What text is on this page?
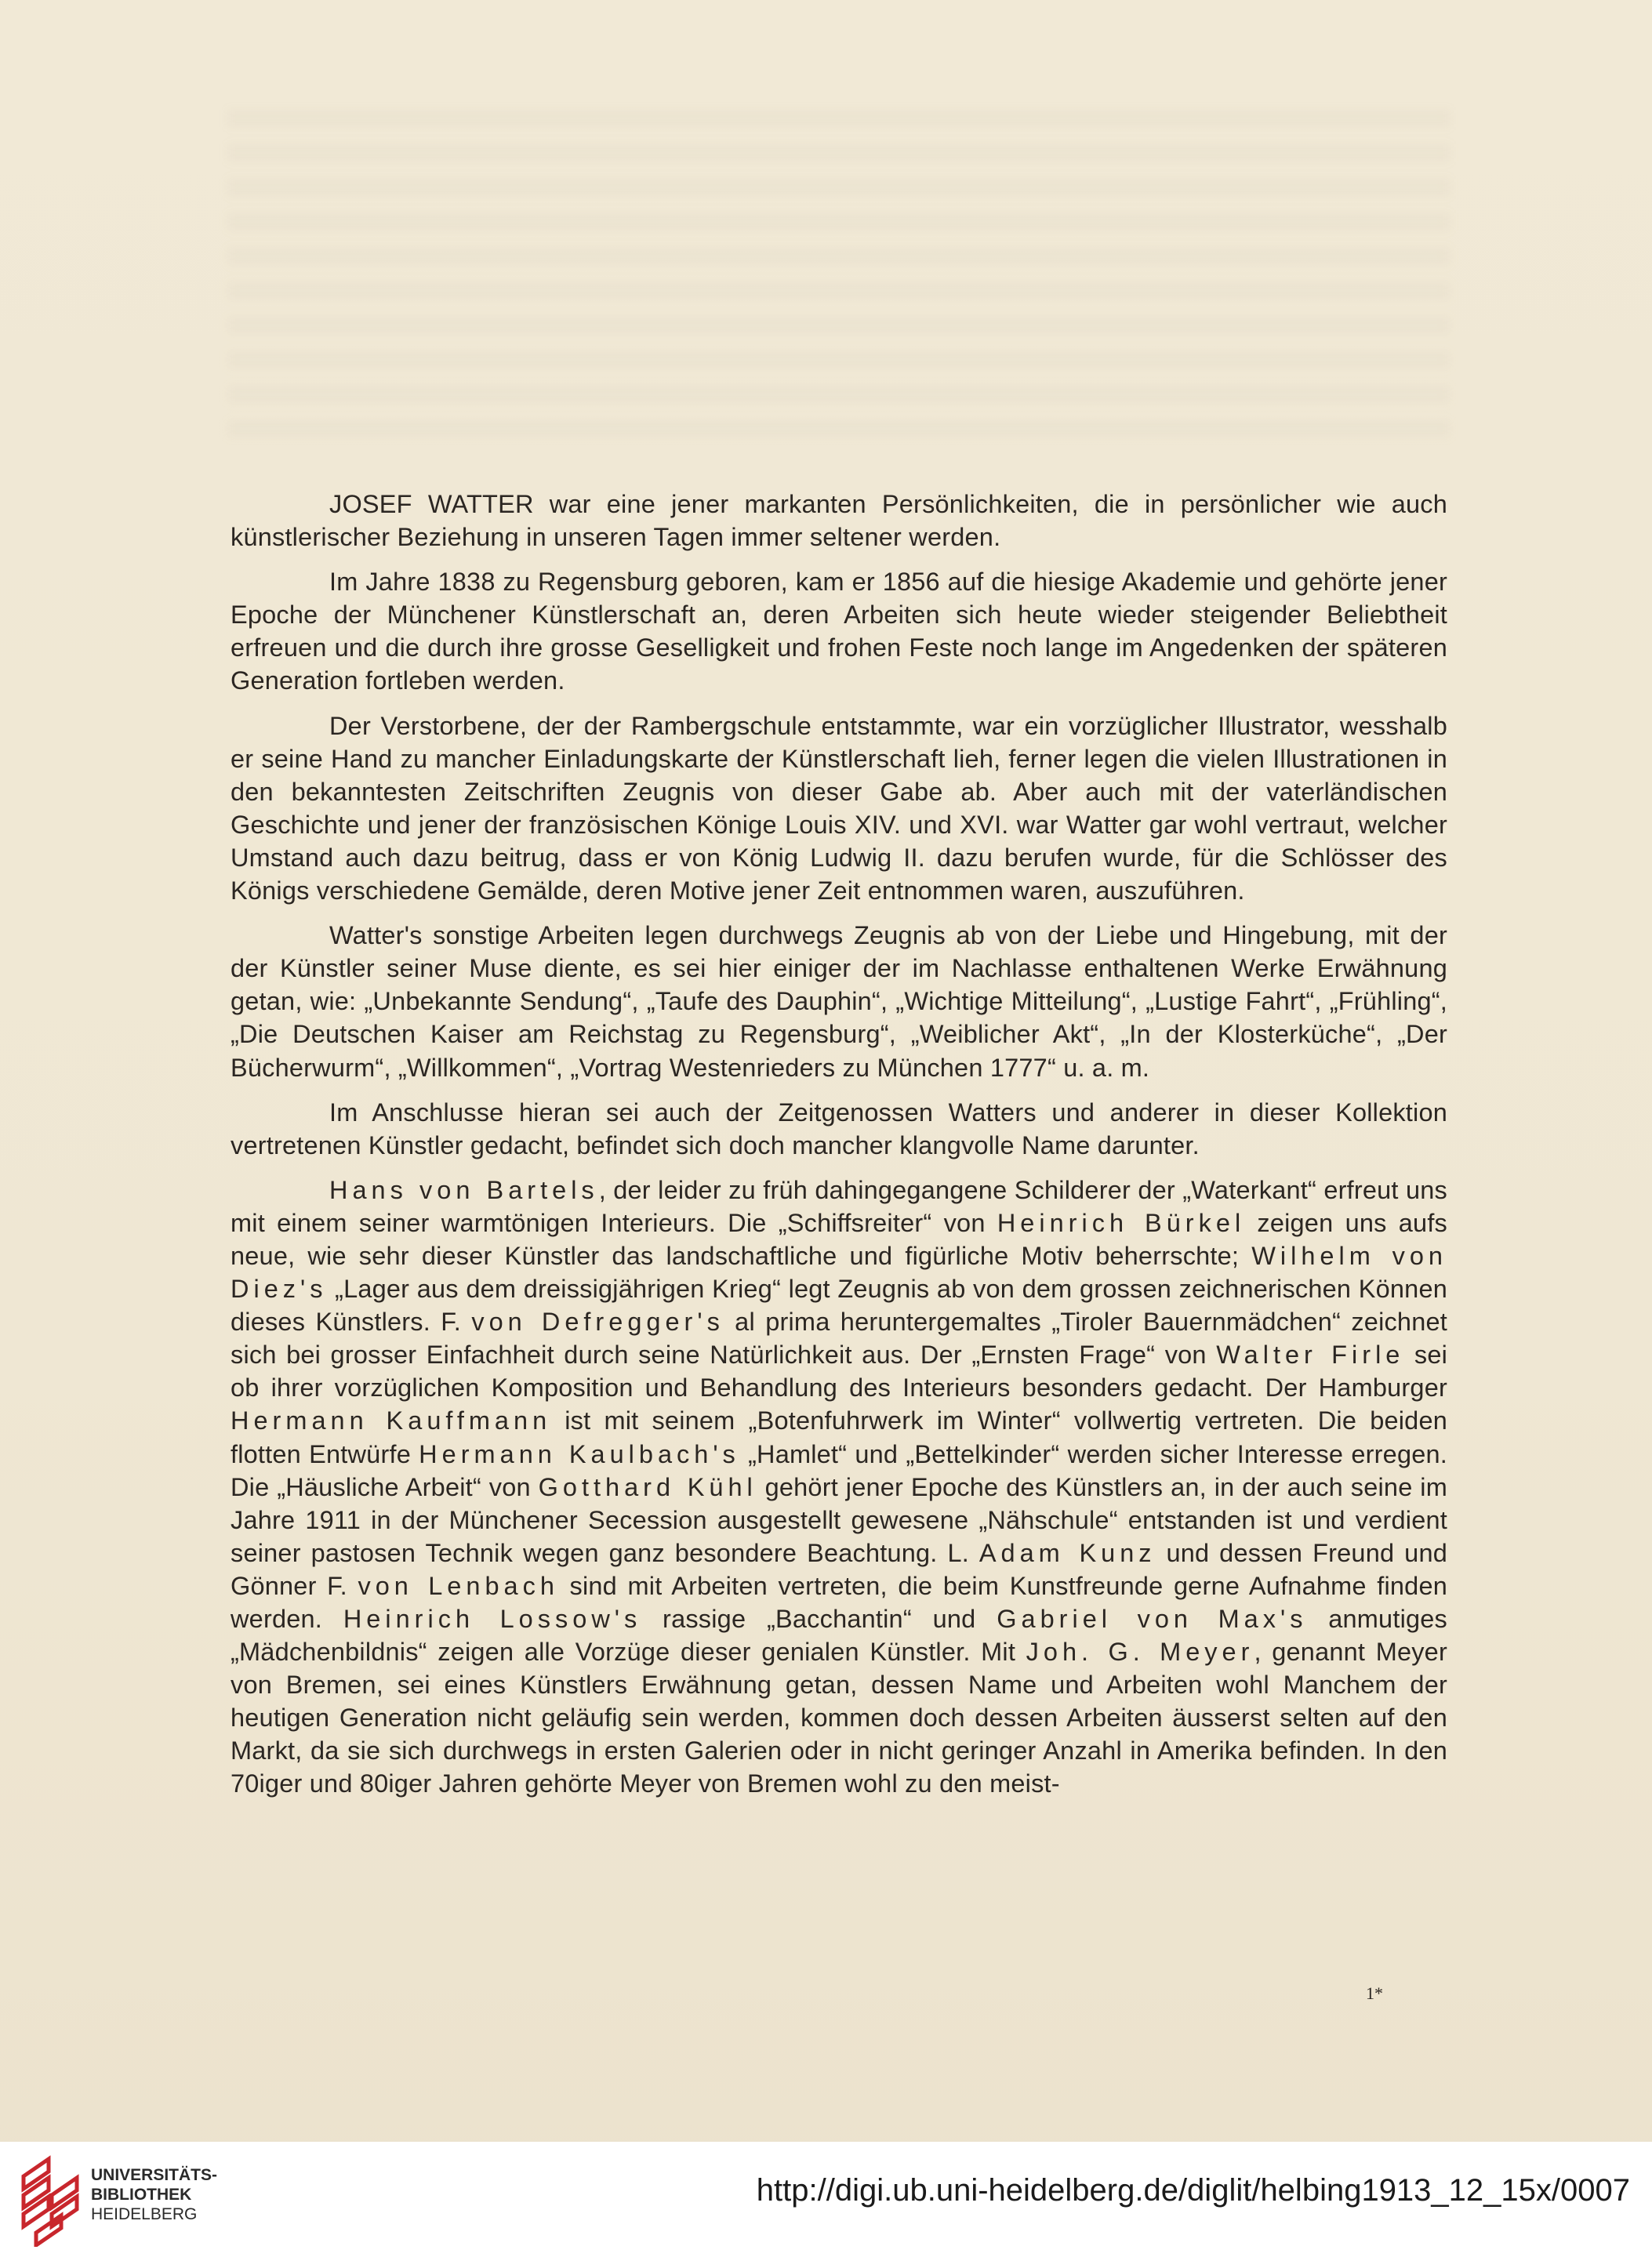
JOSEF WATTER war eine jener markanten Persönlichkeiten, die in persönlicher wie auch künstlerischer Beziehung in unseren Tagen immer seltener werden.

Im Jahre 1838 zu Regensburg geboren, kam er 1856 auf die hiesige Akademie und gehörte jener Epoche der Münchener Künstlerschaft an, deren Arbeiten sich heute wieder steigender Beliebtheit erfreuen und die durch ihre grosse Geselligkeit und frohen Feste noch lange im Angedenken der späteren Generation fortleben werden.

Der Verstorbene, der der Rambergschule entstammte, war ein vorzüglicher Illustrator, wesshalb er seine Hand zu mancher Einladungskarte der Künstlerschaft lieh, ferner legen die vielen Illustrationen in den bekanntesten Zeitschriften Zeugnis von dieser Gabe ab. Aber auch mit der vaterländischen Geschichte und jener der französischen Könige Louis XIV. und XVI. war Watter gar wohl vertraut, welcher Umstand auch dazu beitrug, dass er von König Ludwig II. dazu berufen wurde, für die Schlösser des Königs verschiedene Gemälde, deren Motive jener Zeit entnommen waren, auszuführen.

Watter's sonstige Arbeiten legen durchwegs Zeugnis ab von der Liebe und Hingebung, mit der der Künstler seiner Muse diente, es sei hier einiger der im Nachlasse enthaltenen Werke Erwähnung getan, wie: „Unbekannte Sendung“, „Taufe des Dauphin“, „Wichtige Mitteilung“, „Lustige Fahrt“, „Frühling“, „Die Deutschen Kaiser am Reichstag zu Regensburg“, „Weiblicher Akt“, „In der Klosterküche“, „Der Bücherwurm“, „Willkommen“, „Vortrag Westenrieders zu München 1777“ u. a. m.

Im Anschlusse hieran sei auch der Zeitgenossen Watters und anderer in dieser Kollektion vertretenen Künstler gedacht, befindet sich doch mancher klangvolle Name darunter.

Hans von Bartels, der leider zu früh dahingegangene Schilderer der „Waterkant“ erfreut uns mit einem seiner warmtönigen Interieurs. Die „Schiffsreiter“ von Heinrich Bürkel zeigen uns aufs neue, wie sehr dieser Künstler das landschaftliche und figürliche Motiv beherrschte; Wilhelm von Diez's „Lager aus dem dreissigjährigen Krieg“ legt Zeugnis ab von dem grossen zeichnerischen Können dieses Künstlers. F. von Defregger's al prima heruntergemaltes „Tiroler Bauernmädchen“ zeichnet sich bei grosser Einfachheit durch seine Natürlichkeit aus. Der „Ernsten Frage“ von Walter Firle sei ob ihrer vorzüglichen Komposition und Behandlung des Interieurs besonders gedacht. Der Hamburger Hermann Kauffmann ist mit seinem „Botenfuhrwerk im Winter“ vollwertig vertreten. Die beiden flotten Entwürfe Hermann Kaulbach's „Hamlet“ und „Bettelkinder“ werden sicher Interesse erregen. Die „Häusliche Arbeit“ von Gotthard Kühl gehört jener Epoche des Künstlers an, in der auch seine im Jahre 1911 in der Münchener Secession ausgestellt gewesene „Nähschule“ entstanden ist und verdient seiner pastosen Technik wegen ganz besondere Beachtung. L. Adam Kunz und dessen Freund und Gönner F. von Lenbach sind mit Arbeiten vertreten, die beim Kunstfreunde gerne Aufnahme finden werden. Heinrich Lossow's rassige „Bacchantin“ und Gabriel von Max's anmutiges „Mädchenbildnis“ zeigen alle Vorzüge dieser genialen Künstler. Mit Joh. G. Meyer, genannt Meyer von Bremen, sei eines Künstlers Erwähnung getan, dessen Name und Arbeiten wohl Manchem der heutigen Generation nicht geläufig sein werden, kommen doch dessen Arbeiten äusserst selten auf den Markt, da sie sich durchwegs in ersten Galerien oder in nicht geringer Anzahl in Amerika befinden. In den 70iger und 80iger Jahren gehörte Meyer von Bremen wohl zu den meist-

1*
UNIVERSITÄTS-
BIBLIOTHEK
HEIDELBERG
http://digi.ub.uni-heidelberg.de/diglit/helbing1913_12_15x/0007
